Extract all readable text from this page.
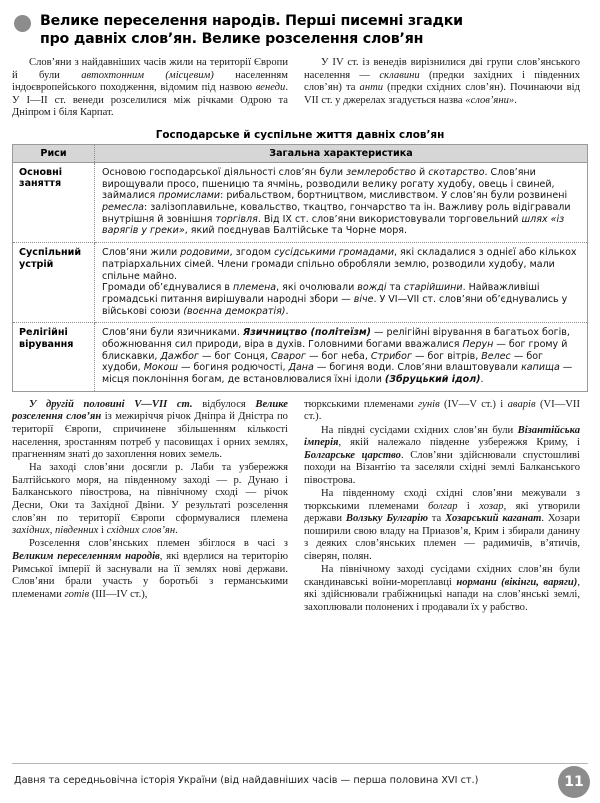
Велике переселення народів. Перші писемні згадки
про давніх слов’ян. Велике розселення слов’ян

Слов’яни з найдавніших часів жили на території Європи й були автохтонним (місцевим) населенням індоєвропейського походження, відомим під назвою венеди. У I—II ст. венеди розселилися між річками Одрою та Дніпром і біля Карпат.

У IV ст. із венедів вирізнилися дві групи слов’янського населення — склавини (предки західних і південних слов’ян) та анти (предки східних слов’ян). Починаючи від VII ст. у джерелах згадується назва «слов’яни».

Господарське й суспільне життя давніх слов’ян
Риси	Загальна характеристика
Основні заняття	Основою господарської діяльності слов’ян були землеробство й скотарство. Слов’яни вирощували просо, пшеницю та ячмінь, розводили велику рогату худобу, овець і свиней, займалися промислами: рибальством, бортництвом, мисливством. У слов’ян були розвинені ремесла: залізоплавильне, ковальство, ткацтво, гончарство та ін. Важливу роль відігравали внутрішня й зовнішня торгівля. Від IX ст. слов’яни використовували торговельний шлях «із варягів у греки», який поєднував Балтійське та Чорне моря.
Суспільний устрій	Слов’яни жили родовими, згодом сусідськими громадами, які складалися з однієї або кількох патріархальних сімей. Члени громади спільно обробляли землю, розводили худобу, мали спільне майно.
Громади об’єднувалися в племена, які очолювали вожді та старійшини. Найважливіші громадські питання вирішували народні збори — віче. У VI—VII ст. слов’яни об’єднувались у військові союзи (воєнна демократія).
Релігійні вірування	Слов’яни були язичниками. Язичництво (політеїзм) — релігійні вірування в багатьох богів, обожнювання сил природи, віра в духів. Головними богами вважалися Перун — бог грому й блискавки, Дажбог — бог Сонця, Сварог — бог неба, Стрибог — бог вітрів, Велес — бог худоби, Мокош — богиня родючості, Дана — богиня води. Слов’яни влаштовували капища — місця поклоніння богам, де встановлювалися їхні ідоли (Збруцький ідол).

У другій половині V—VII ст. відбулося Велике розселення слов’ян із межиріччя річок Дніпра й Дністра по території Європи, спричинене збільшенням кількості населення, зростанням потреб у пасовищах і орних землях, прагненням знаті до захоплення нових земель.

На заході слов’яни досягли р. Лаби та узбережжя Балтійського моря, на південному заході — р. Дунаю і Балканського півострова, на північному сході — річок Десни, Оки та Західної Двіни. У результаті розселення слов’ян по території Європи сформувалися племена західних, південних і східних слов’ян.

Розселення слов’янських племен збіглося в часі з Великим переселенням народів, які вдерлися на територію Римської імперії й заснували на її землях нові держави. Слов’яни брали участь у боротьбі з германськими племенами готів (III—IV ст.),

тюркськими племенами гунів (IV—V ст.) і аварів (VI—VII ст.).

На півдні сусідами східних слов’ян були Візантійська імперія, якій належало південне узбережжя Криму, і Болгарське царство. Слов’яни здійснювали спустошливі походи на Візантію та заселяли східні землі Балканського півострова.

На південному сході східні слов’яни межували з тюркськими племенами болгар і хозар, які утворили держави Волзьку Булгарію та Хозарський каганат. Хозари поширили свою владу на Приазов’я, Крим і збирали данину з деяких слов’янських племен — радимичів, в’ятичів, сіверян, полян.

На північному заході сусідами східних слов’ян були скандинавські воїни-мореплавці нормани (вікінги, варяги), які здійснювали грабіжницькі напади на слов’янські землі, захоплювали полонених і продавали їх у рабство.

Давня та середньовічна історія України (від найдавніших часів — перша половина XVI ст.)	11
